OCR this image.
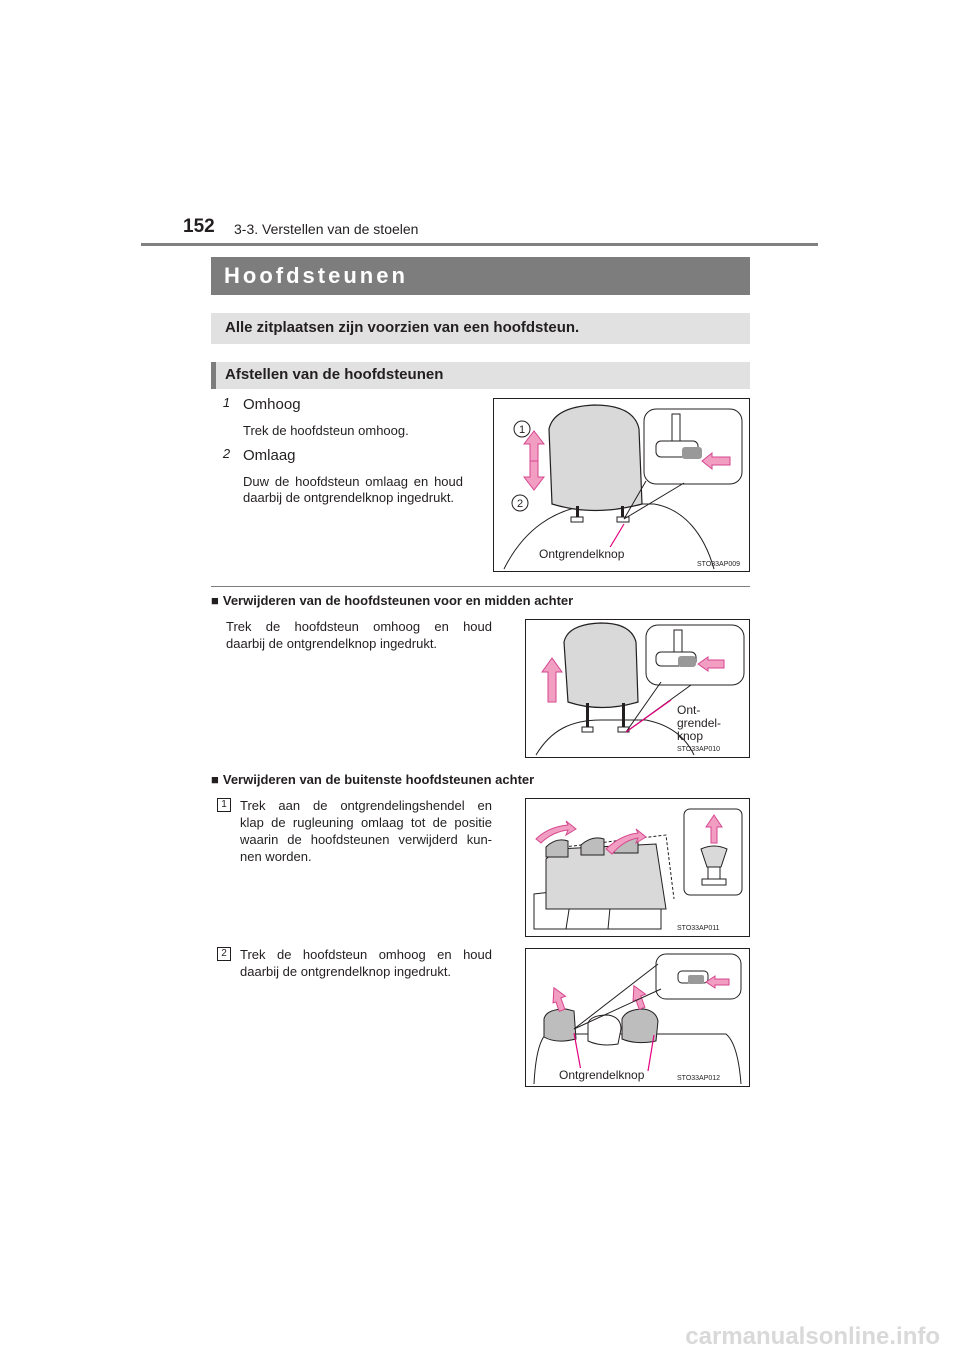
152 3-3. Verstellen van de stoelen
Hoofdsteunen
Alle zitplaatsen zijn voorzien van een hoofdsteun.
Afstellen van de hoofdsteunen
1 Omhoog
Trek de hoofdsteun omhoog.
2 Omlaag
Duw de hoofdsteun omlaag en houd daarbij de ontgrendelknop ingedrukt.
1
2
Ontgrendelknop
STO33AP009
■ Verwijderen van de hoofdsteunen voor en midden achter
Trek de hoofdsteun omhoog en houd
daarbij de ontgrendelknop ingedrukt.
Ont-
grendel-
knop
STO33AP010
■ Verwijderen van de buitenste hoofdsteunen achter
1	Trek aan de ontgrendelingshendel en
klap de rugleuning omlaag tot de positie
waarin de hoofdsteunen verwijderd kun-
nen worden.
STO33AP011
2	Trek de hoofdsteun omhoog en houd
daarbij de ontgrendelknop ingedrukt.
Ontgrendelknop	STO33AP012
carmanualsonline.info
